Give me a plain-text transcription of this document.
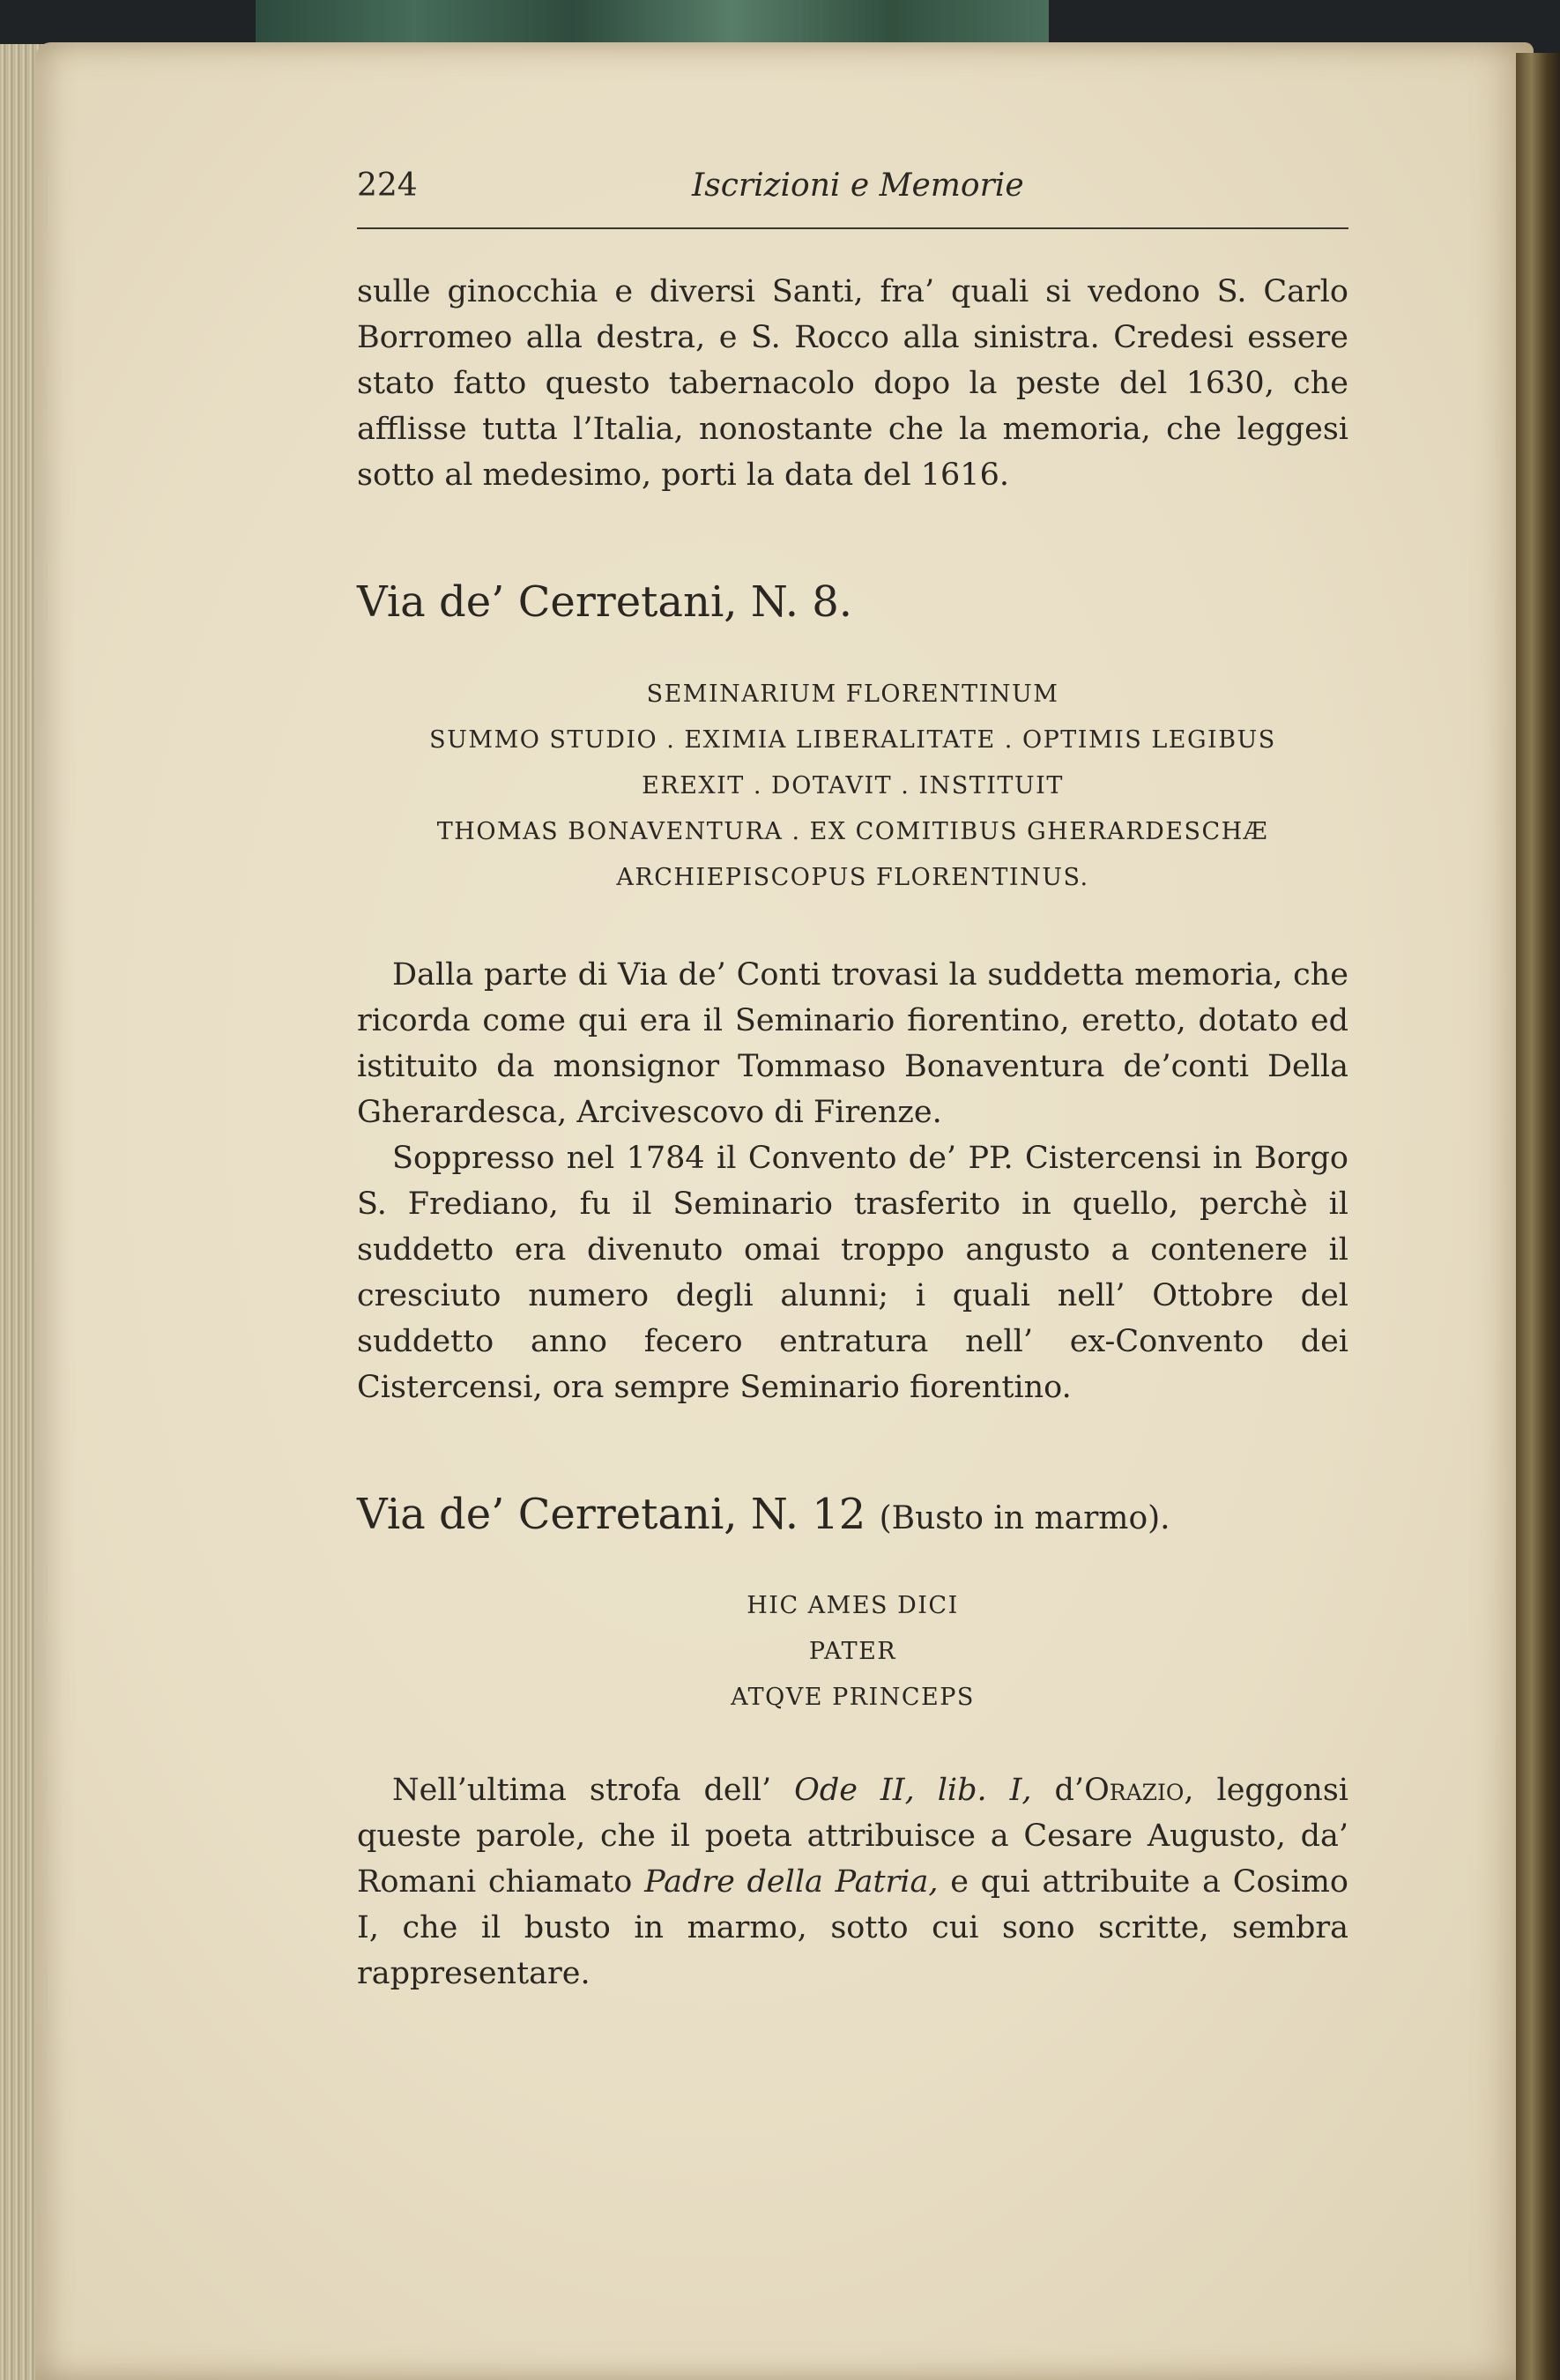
224	Iscrizioni e Memorie

sulle ginocchia e diversi Santi, fra’ quali si vedono S. Carlo Borromeo alla destra, e S. Rocco alla sinistra. Credesi essere stato fatto questo tabernacolo dopo la peste del 1630, che afflisse tutta l’Italia, nonostante che la memoria, che leggesi sotto al medesimo, porti la data del 1616.

Via de’ Cerretani, N. 8.
SEMINARIUM FLORENTINUM
SUMMO STUDIO . EXIMIA LIBERALITATE . OPTIMIS LEGIBUS
EREXIT . DOTAVIT . INSTITUIT
THOMAS BONAVENTURA . EX COMITIBUS GHERARDESCHÆ
ARCHIEPISCOPUS FLORENTINUS.

Dalla parte di Via de’ Conti trovasi la suddetta memoria, che ricorda come qui era il Seminario fiorentino, eretto, dotato ed istituito da monsignor Tommaso Bonaventura de’conti Della Gherardesca, Arcivescovo di Firenze.

Soppresso nel 1784 il Convento de’ PP. Cistercensi in Borgo S. Frediano, fu il Seminario trasferito in quello, perchè il suddetto era divenuto omai troppo angusto a contenere il cresciuto numero degli alunni; i quali nell’ Ottobre del suddetto anno fecero entratura nell’ ex-Convento dei Cistercensi, ora sempre Seminario fiorentino.

Via de’ Cerretani, N. 12 (Busto in marmo).
HIC AMES DICI
PATER
ATQVE PRINCEPS

Nell’ultima strofa dell’ Ode II, lib. I, d’Orazio, leggonsi queste parole, che il poeta attribuisce a Cesare Augusto, da’ Romani chiamato Padre della Patria, e qui attribuite a Cosimo I, che il busto in marmo, sotto cui sono scritte, sembra rappresentare.
